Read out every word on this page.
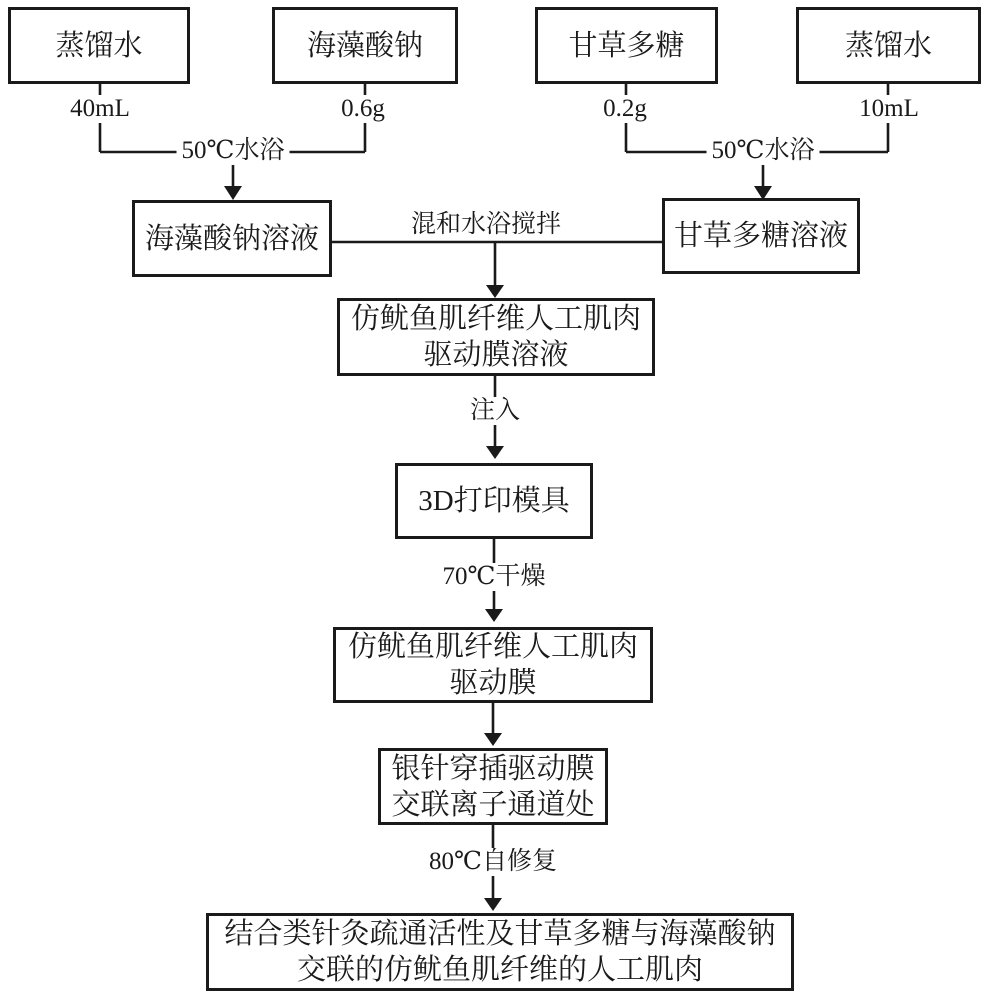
40mL	0.6g	0.2g	10mL
50℃水浴	50℃水浴
混和水浴搅拌
注入
70℃干燥
80℃自修复
蒸馏水	海藻酸钠	甘草多糖	蒸馏水
海藻酸钠溶液	甘草多糖溶液
仿鱿鱼肌纤维人工肌肉
驱动膜溶液
3D打印模具
仿鱿鱼肌纤维人工肌肉
驱动膜
银针穿插驱动膜
交联离子通道处
结合类针灸疏通活性及甘草多糖与海藻酸钠
交联的仿鱿鱼肌纤维的人工肌肉
